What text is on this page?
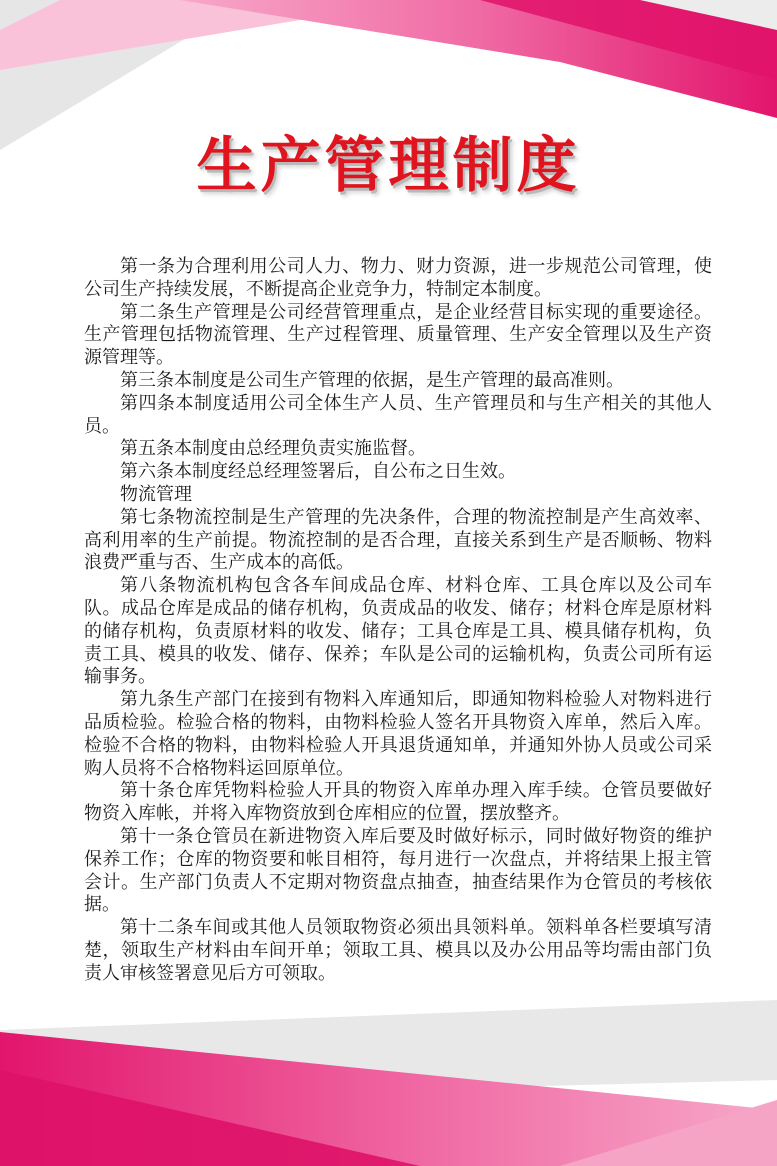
生产管理制度

第一条为合理利用公司人力、物力、财力资源，进一步规范公司管理，使公司生产持续发展，不断提高企业竞争力，特制定本制度。

第二条生产管理是公司经营管理重点，是企业经营目标实现的重要途径。生产管理包括物流管理、生产过程管理、质量管理、生产安全管理以及生产资源管理等。

第三条本制度是公司生产管理的依据，是生产管理的最高准则。

第四条本制度适用公司全体生产人员、生产管理员和与生产相关的其他人员。

第五条本制度由总经理负责实施监督。

第六条本制度经总经理签署后，自公布之日生效。

物流管理

第七条物流控制是生产管理的先决条件，合理的物流控制是产生高效率、高利用率的生产前提。物流控制的是否合理，直接关系到生产是否顺畅、物料浪费严重与否、生产成本的高低。

第八条物流机构包含各车间成品仓库、材料仓库、工具仓库以及公司车队。成品仓库是成品的储存机构，负责成品的收发、储存；材料仓库是原材料的储存机构，负责原材料的收发、储存；工具仓库是工具、模具储存机构，负责工具、模具的收发、储存、保养；车队是公司的运输机构，负责公司所有运输事务。

第九条生产部门在接到有物料入库通知后，即通知物料检验人对物料进行品质检验。检验合格的物料，由物料检验人签名开具物资入库单，然后入库。检验不合格的物料，由物料检验人开具退货通知单，并通知外协人员或公司采购人员将不合格物料运回原单位。

第十条仓库凭物料检验人开具的物资入库单办理入库手续。仓管员要做好物资入库帐，并将入库物资放到仓库相应的位置，摆放整齐。

第十一条仓管员在新进物资入库后要及时做好标示，同时做好物资的维护保养工作；仓库的物资要和帐目相符，每月进行一次盘点，并将结果上报主管会计。生产部门负责人不定期对物资盘点抽查，抽查结果作为仓管员的考核依据。

第十二条车间或其他人员领取物资必须出具领料单。领料单各栏要填写清楚，领取生产材料由车间开单；领取工具、模具以及办公用品等均需由部门负责人审核签署意见后方可领取。
